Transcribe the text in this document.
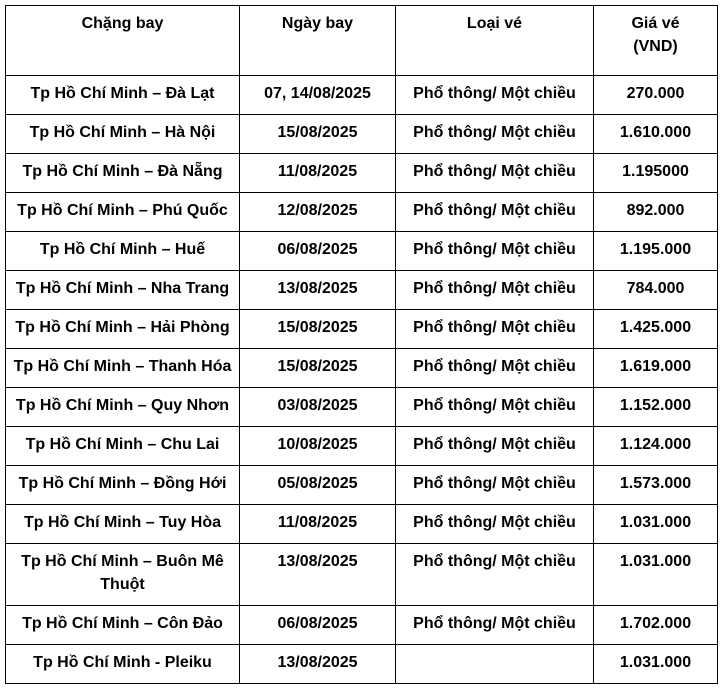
Chặng bay	Ngày bay	Loại vé	Giá vé
(VND)

Tp Hồ Chí Minh – Đà Lạt	07, 14/08/2025	Phổ thông/ Một chiều	270.000
Tp Hồ Chí Minh – Hà Nội	15/08/2025	Phổ thông/ Một chiều	1.610.000
Tp Hồ Chí Minh – Đà Nẵng	11/08/2025	Phổ thông/ Một chiều	1.195000
Tp Hồ Chí Minh – Phú Quốc	12/08/2025	Phổ thông/ Một chiều	892.000
Tp Hồ Chí Minh – Huế	06/08/2025	Phổ thông/ Một chiều	1.195.000
Tp Hồ Chí Minh – Nha Trang	13/08/2025	Phổ thông/ Một chiều	784.000
Tp Hồ Chí Minh – Hải Phòng	15/08/2025	Phổ thông/ Một chiều	1.425.000
Tp Hồ Chí Minh – Thanh Hóa	15/08/2025	Phổ thông/ Một chiều	1.619.000
Tp Hồ Chí Minh – Quy Nhơn	03/08/2025	Phổ thông/ Một chiều	1.152.000
Tp Hồ Chí Minh – Chu Lai	10/08/2025	Phổ thông/ Một chiều	1.124.000
Tp Hồ Chí Minh – Đồng Hới	05/08/2025	Phổ thông/ Một chiều	1.573.000
Tp Hồ Chí Minh – Tuy Hòa	11/08/2025	Phổ thông/ Một chiều	1.031.000
Tp Hồ Chí Minh – Buôn Mê Thuột	13/08/2025	Phổ thông/ Một chiều	1.031.000
Tp Hồ Chí Minh – Côn Đảo	06/08/2025	Phổ thông/ Một chiều	1.702.000
Tp Hồ Chí Minh - Pleiku	13/08/2025		1.031.000
